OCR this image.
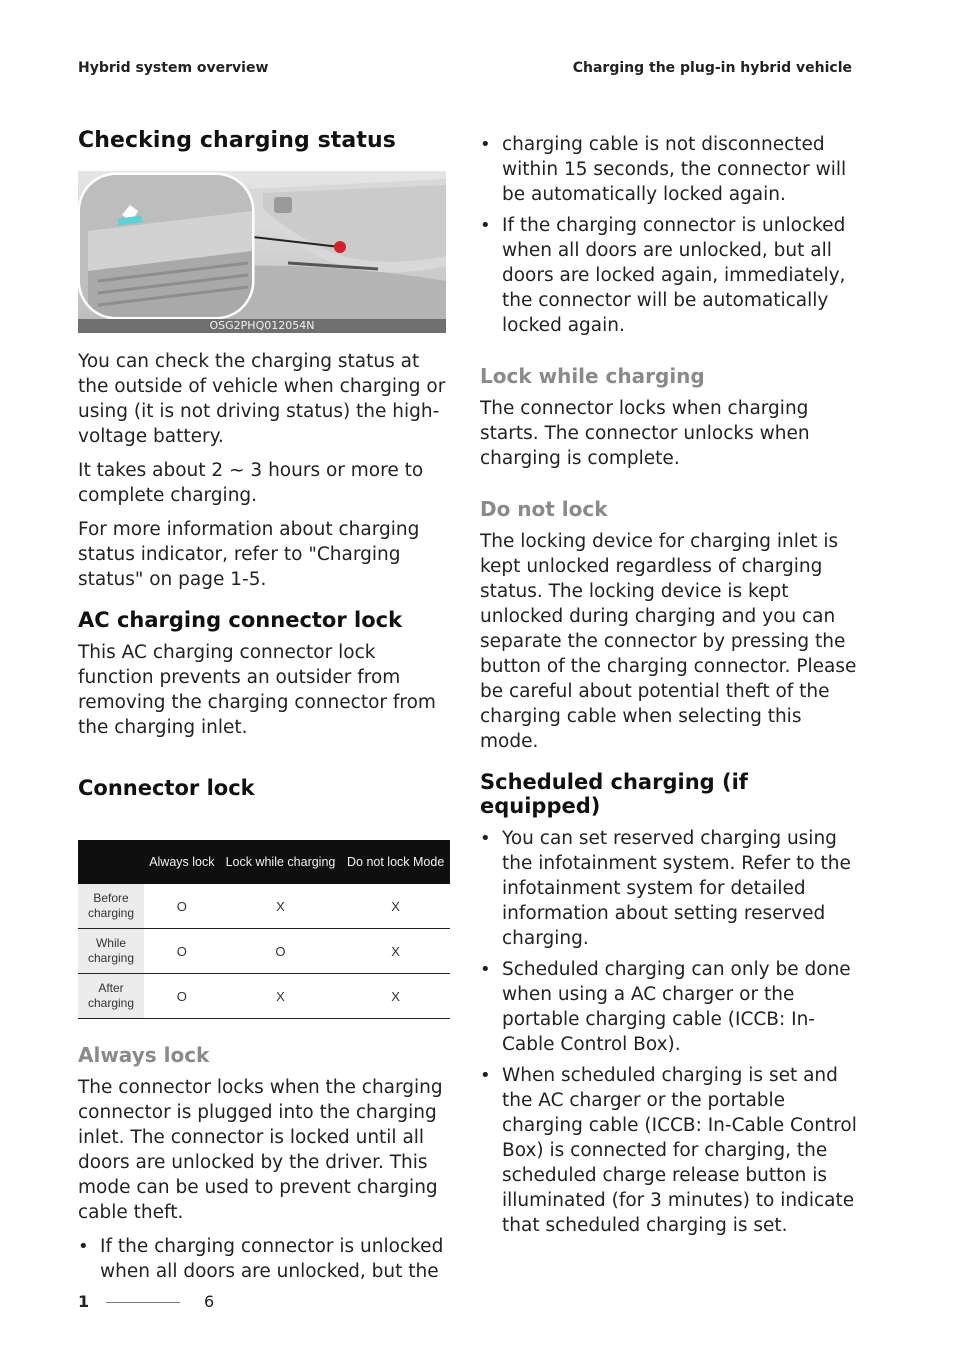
Hybrid system overview	Charging the plug-in hybrid vehicle
Checking charging status
OSG2PHQ012054N

You can check the charging status at the outside of vehicle when charging or using (it is not driving status) the high-voltage battery.

It takes about 2 ~ 3 hours or more to complete charging.

For more information about charging status indicator, refer to "Charging status" on page 1-5.

AC charging connector lock

This AC charging connector lock function prevents an outsider from removing the charging connector from the charging inlet.

Connector lock
	Always lock	Lock while charging	Do not lock Mode
Before charging	O	X	X
While charging	O	O	X
After charging	O	X	X
Always lock

The connector locks when the charging connector is plugged into the charging inlet. The connector is locked until all doors are unlocked by the driver. This mode can be used to prevent charging cable theft.

• If the charging connector is unlocked when all doors are unlocked, but the
• charging cable is not disconnected within 15 seconds, the connector will be automatically locked again.
• If the charging connector is unlocked when all doors are unlocked, but all doors are locked again, immediately, the connector will be automatically locked again.
Lock while charging

The connector locks when charging starts. The connector unlocks when charging is complete.

Do not lock

The locking device for charging inlet is kept unlocked regardless of charging status. The locking device is kept unlocked during charging and you can separate the connector by pressing the button of the charging connector. Please be careful about potential theft of the charging cable when selecting this mode.

Scheduled charging (if equipped)
• You can set reserved charging using the infotainment system. Refer to the infotainment system for detailed information about setting reserved charging.
• Scheduled charging can only be done when using a AC charger or the portable charging cable (ICCB: In-Cable Control Box).
• When scheduled charging is set and the AC charger or the portable charging cable (ICCB: In-Cable Control Box) is connected for charging, the scheduled charge release button is illuminated (for 3 minutes) to indicate that scheduled charging is set.
1	6
